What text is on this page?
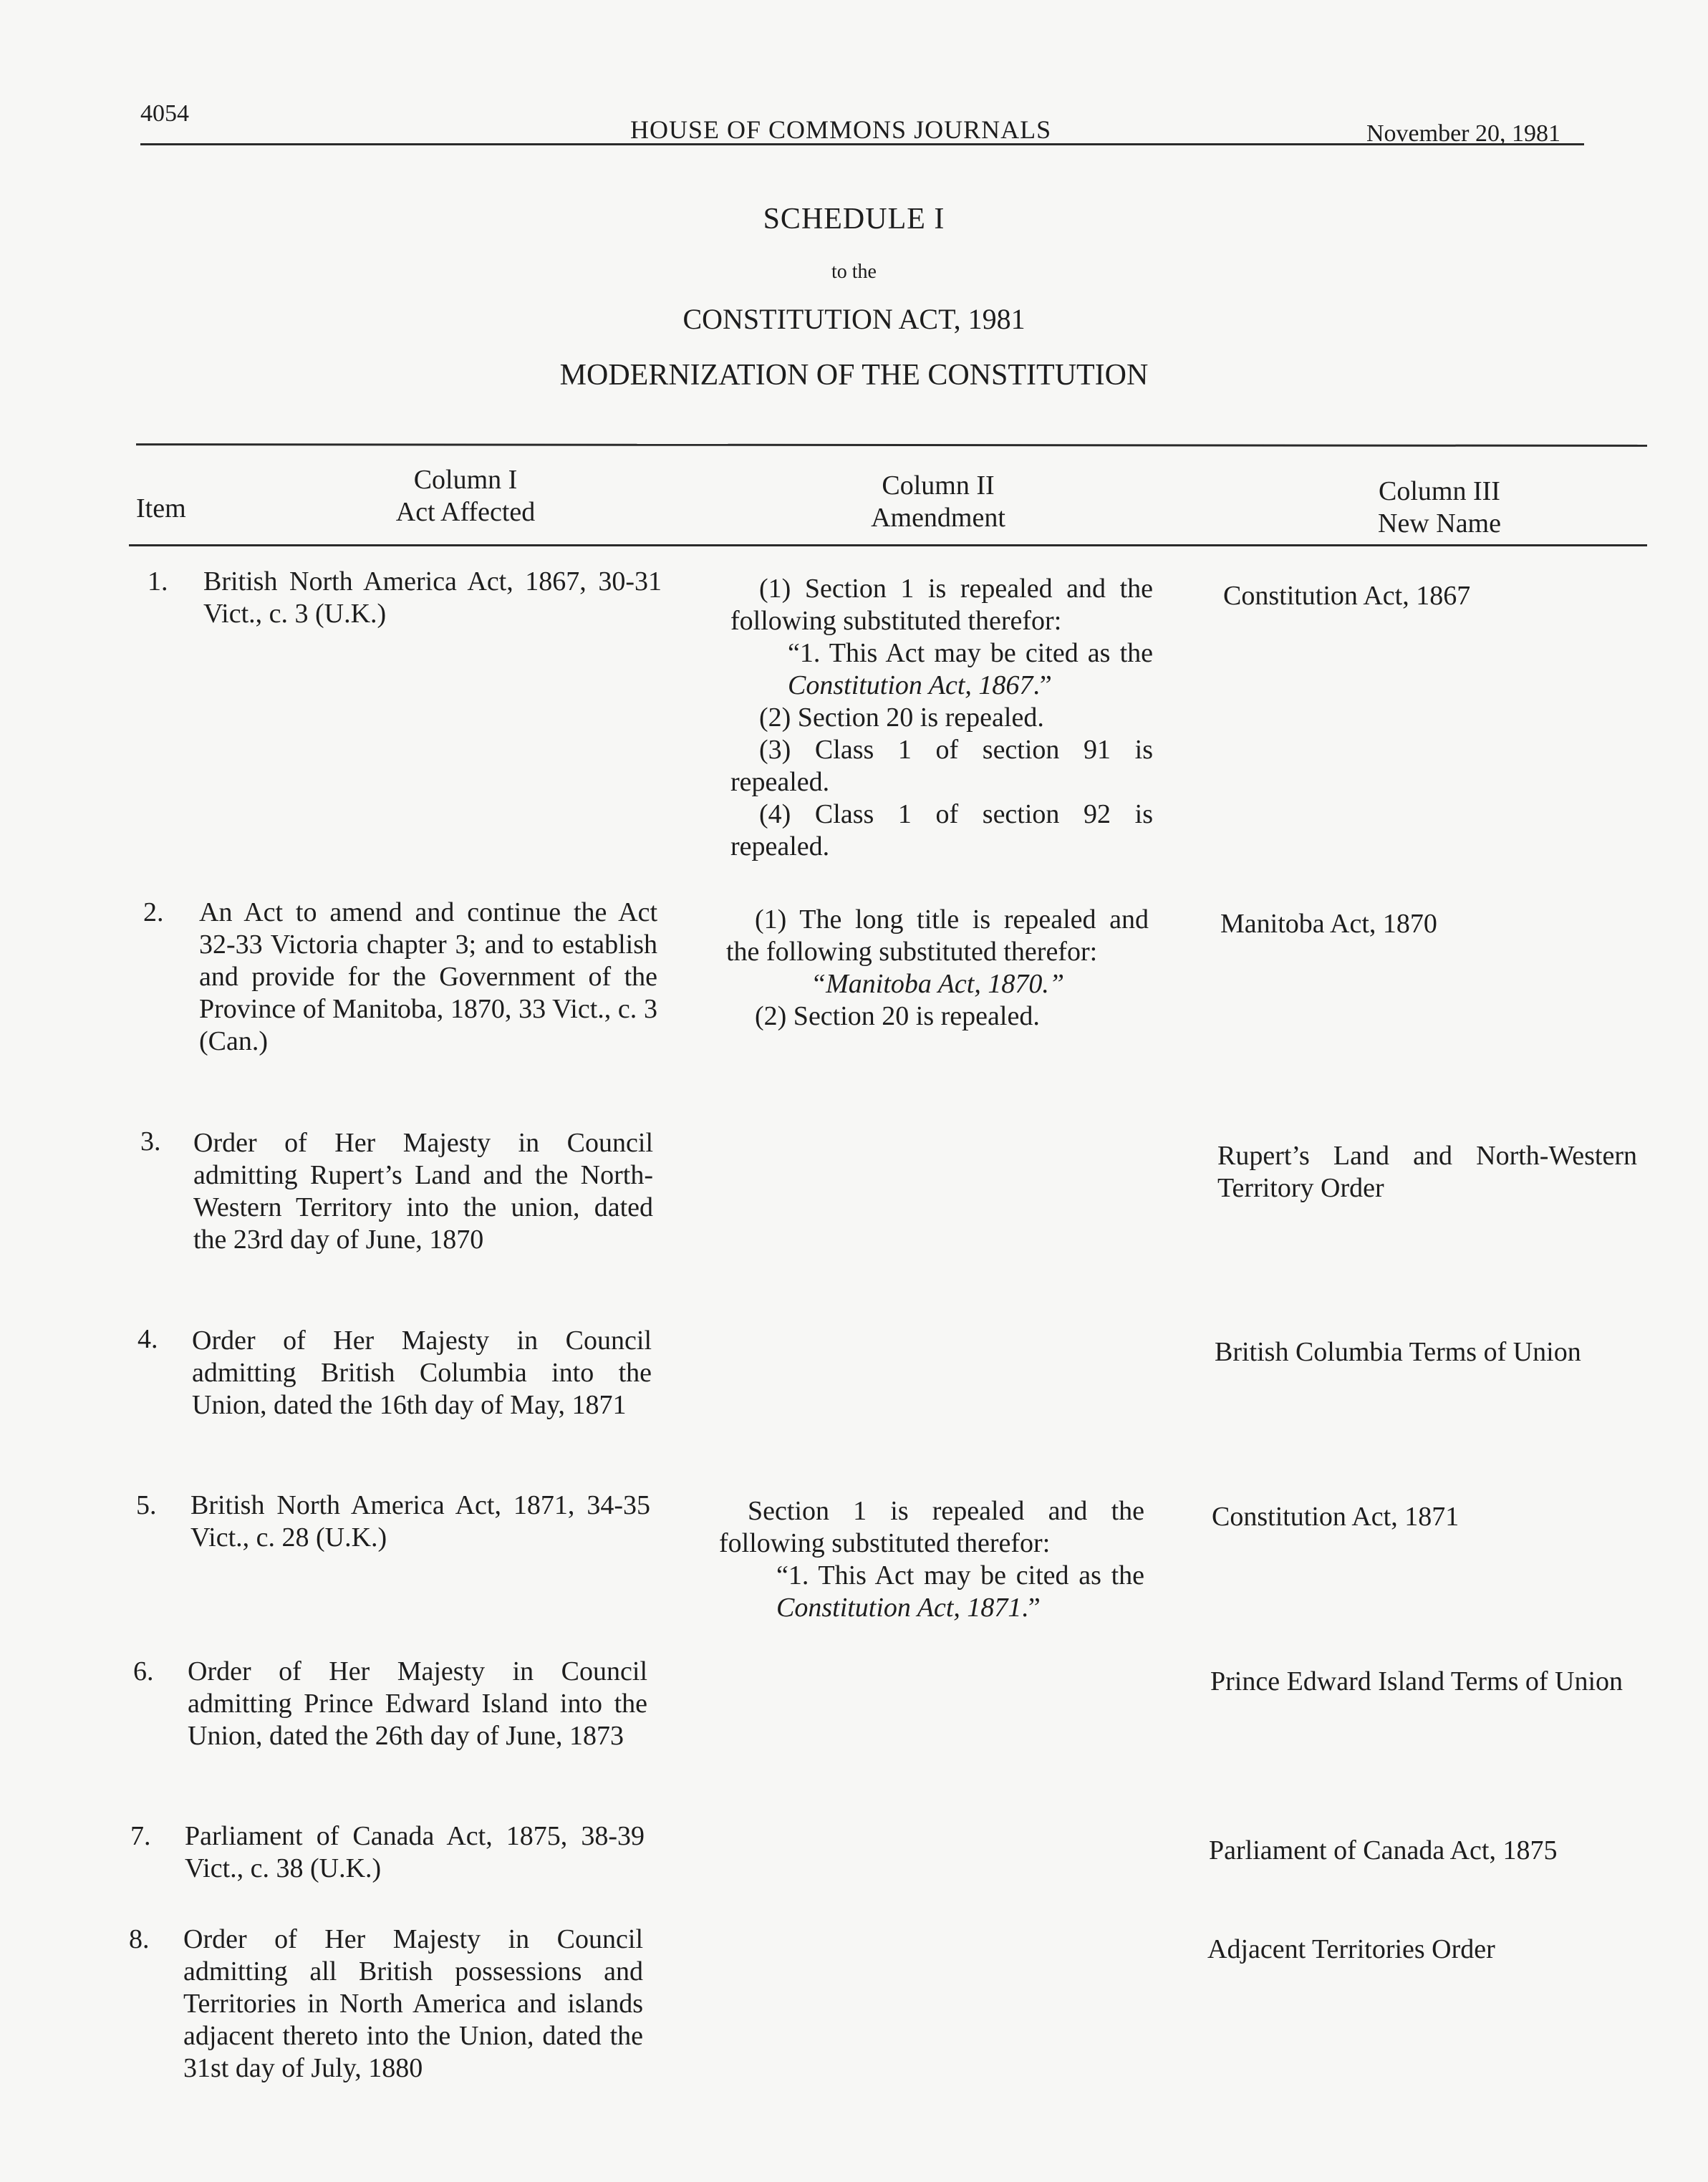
4054
HOUSE OF COMMONS JOURNALS	November 20, 1981
SCHEDULE I
to the
CONSTITUTION ACT, 1981
MODERNIZATION OF THE CONSTITUTION
Item
Column I
Act Affected
Column II
Amendment
Column III
New Name
1. British North America Act, 1867, 30-31 Vict., c. 3 (U.K.)

(1) Section 1 is repealed and the following substituted therefor:

“1. This Act may be cited as the Constitution Act, 1867.”

(2) Section 20 is repealed.

(3) Class 1 of section 91 is repealed.

(4) Class 1 of section 92 is repealed.

Constitution Act, 1867
2. An Act to amend and continue the Act 32-33 Victoria chapter 3; and to establish and provide for the Government of the Province of Manitoba, 1870, 33 Vict., c. 3 (Can.)

(1) The long title is repealed and the following substituted therefor:

“Manitoba Act, 1870.”

(2) Section 20 is repealed.

Manitoba Act, 1870
3. Order of Her Majesty in Council admitting Rupert’s Land and the North-Western Territory into the union, dated the 23rd day of June, 1870
Rupert’s Land and North-Western Territory Order
4. Order of Her Majesty in Council admitting British Columbia into the Union, dated the 16th day of May, 1871
British Columbia Terms of Union
5. British North America Act, 1871, 34-35 Vict., c. 28 (U.K.)

Section 1 is repealed and the following substituted therefor:

“1. This Act may be cited as the Constitution Act, 1871.”

Constitution Act, 1871
6. Order of Her Majesty in Council admitting Prince Edward Island into the Union, dated the 26th day of June, 1873
Prince Edward Island Terms of Union
7. Parliament of Canada Act, 1875, 38-39 Vict., c. 38 (U.K.)
Parliament of Canada Act, 1875
8. Order of Her Majesty in Council admitting all British possessions and Territories in North America and islands adjacent thereto into the Union, dated the 31st day of July, 1880
Adjacent Territories Order
